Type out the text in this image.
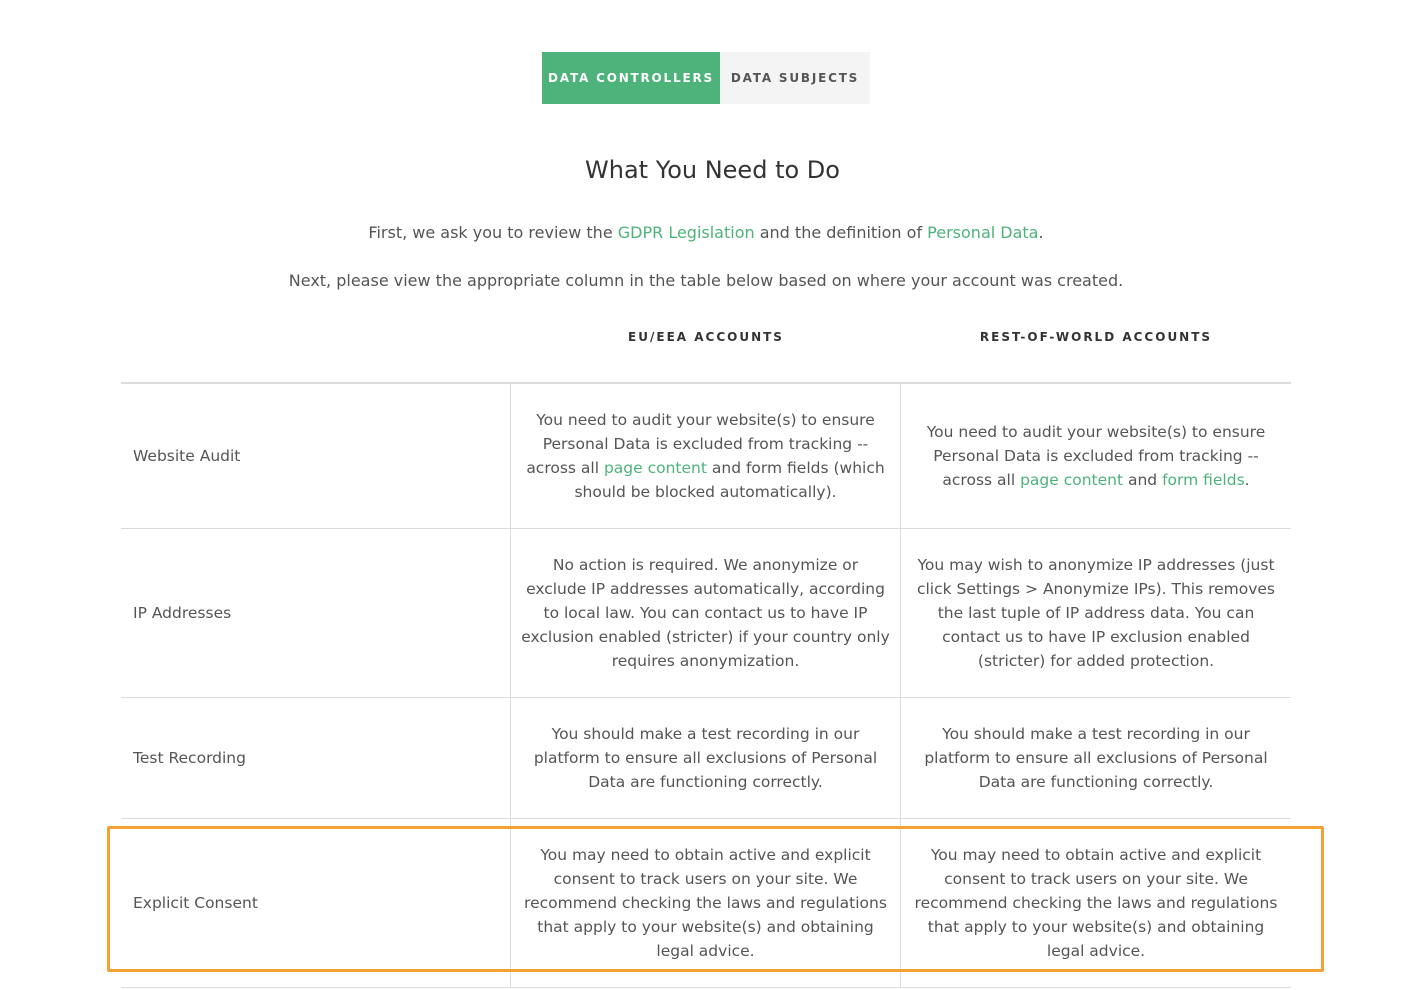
DATA CONTROLLERS	DATA SUBJECTS
What You Need to Do

First, we ask you to review the GDPR Legislation and the definition of Personal Data.

Next, please view the appropriate column in the table below based on where your account was created.

EU/EEA ACCOUNTS	REST-OF-WORLD ACCOUNTS
Website Audit
You need to audit your website(s) to ensure Personal Data is excluded from tracking -- across all page content and form fields (which should be blocked automatically).
You need to audit your website(s) to ensure Personal Data is excluded from tracking -- across all page content and form fields.
IP Addresses
No action is required. We anonymize or exclude IP addresses automatically, according to local law. You can contact us to have IP exclusion enabled (stricter) if your country only requires anonymization.
You may wish to anonymize IP addresses (just click Settings > Anonymize IPs). This removes the last tuple of IP address data. You can contact us to have IP exclusion enabled (stricter) for added protection.
Test Recording
You should make a test recording in our platform to ensure all exclusions of Personal Data are functioning correctly.
You should make a test recording in our platform to ensure all exclusions of Personal Data are functioning correctly.
Explicit Consent
You may need to obtain active and explicit consent to track users on your site. We recommend checking the laws and regulations that apply to your website(s) and obtaining legal advice.
You may need to obtain active and explicit consent to track users on your site. We recommend checking the laws and regulations that apply to your website(s) and obtaining legal advice.
